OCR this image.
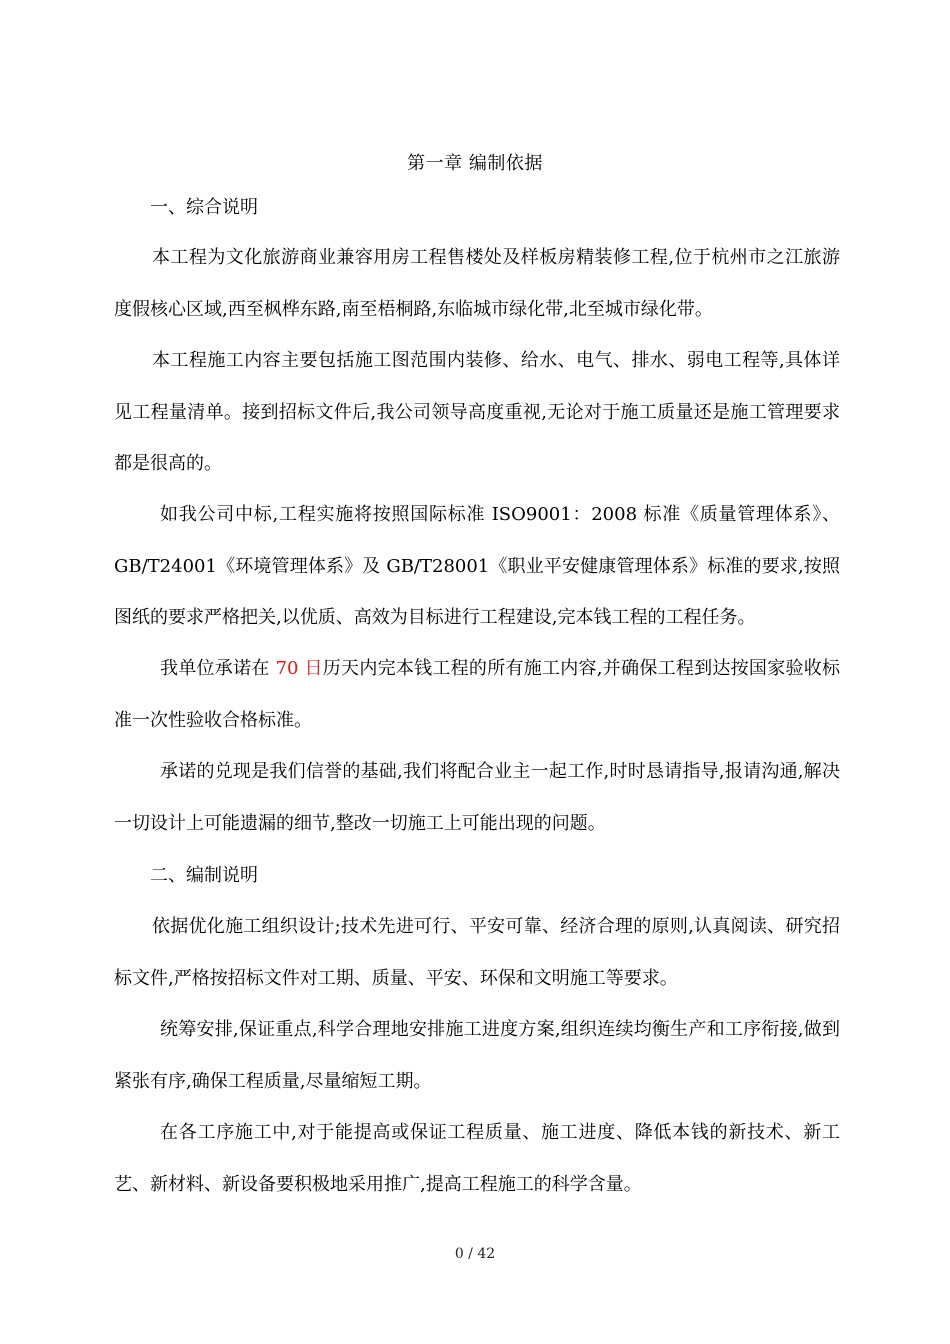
第一章 编制依据
一、综合说明

本工程为文化旅游商业兼容用房工程售楼处及样板房精装修工程,位于杭州市之江旅游度假核心区域,西至枫桦东路,南至梧桐路,东临城市绿化带,北至城市绿化带。

本工程施工内容主要包括施工图范围内装修、给水、电气、排水、弱电工程等,具体详见工程量清单。接到招标文件后,我公司领导高度重视,无论对于施工质量还是施工管理要求都是很高的。

如我公司中标,工程实施将按照国际标准 ISO9001：2008 标准《质量管理体系》、GB/T24001《环境管理体系》及 GB/T28001《职业平安健康管理体系》标准的要求,按照图纸的要求严格把关,以优质、高效为目标进行工程建设,完本钱工程的工程任务。

我单位承诺在 70 日历天内完本钱工程的所有施工内容,并确保工程到达按国家验收标准一次性验收合格标准。

承诺的兑现是我们信誉的基础,我们将配合业主一起工作,时时恳请指导,报请沟通,解决一切设计上可能遗漏的细节,整改一切施工上可能出现的问题。

二、编制说明

依据优化施工组织设计;技术先进可行、平安可靠、经济合理的原则,认真阅读、研究招标文件,严格按招标文件对工期、质量、平安、环保和文明施工等要求。

统筹安排,保证重点,科学合理地安排施工进度方案,组织连续均衡生产和工序衔接,做到紧张有序,确保工程质量,尽量缩短工期。

在各工序施工中,对于能提高或保证工程质量、施工进度、降低本钱的新技术、新工艺、新材料、新设备要积极地采用推广,提高工程施工的科学含量。

0 / 42
